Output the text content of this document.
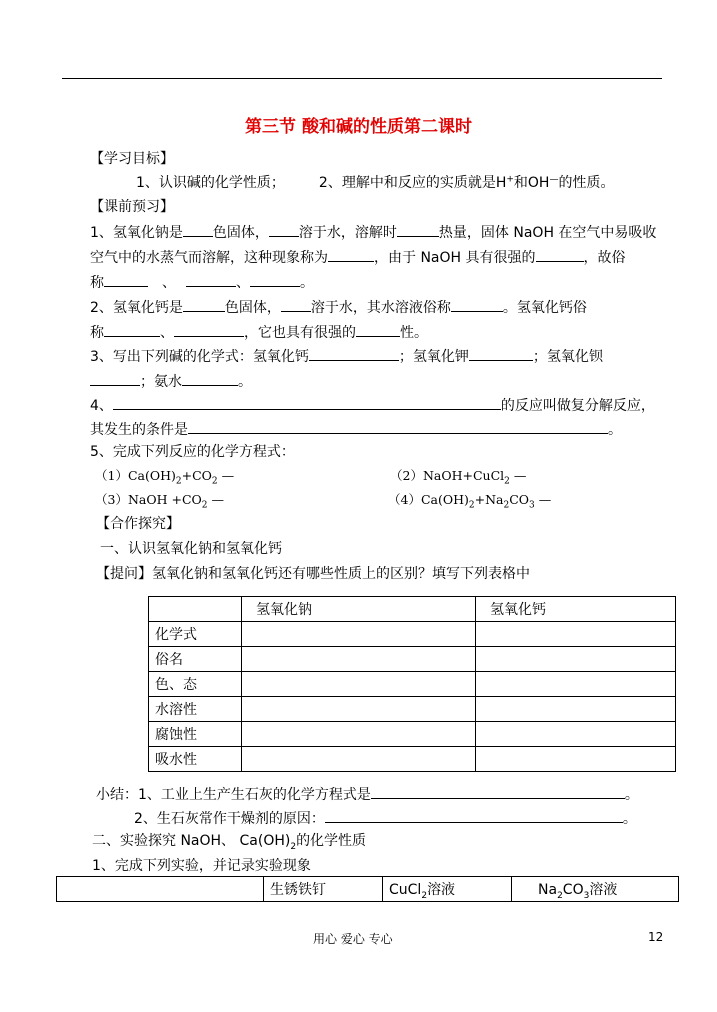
第三节 酸和碱的性质第二课时
【学习目标】
1、认识碱的化学性质； 2、理解中和反应的实质就是H+和OH—的性质。
【课前预习】
1、氢氧化钠是 色固体， 溶于水，溶解时	热量，固体 NaOH 在空气中易吸收
空气中的水蒸气而溶解，这种现象称为	，由于 NaOH 具有很强的	，故俗
称	、	、	。
2、氢氧化钙是	色固体， 溶于水，其水溶液俗称	。氢氧化钙俗
称	、	，它也具有很强的	性。
3、写出下列碱的化学式：氢氧化钙	；氢氧化钾	；氢氧化钡
；氨水	。
4、	的反应叫做复分解反应，
其发生的条件是	。
5、完成下列反应的化学方程式：
$(1)Ca(OH)_2+CO_2$ —	（2）NaOH+CuCl$_2$ —
（3）NaOH $+CO_2$ —	$(4)Ca(OH)_2+Na_2CO_3$ —
【合作探究】
一、认识氢氧化钠和氢氧化钙
【提问】氢氧化钠和氢氧化钙还有哪些性质上的区别？填写下列表格中
	氢氧化钠	氢氧化钙
化学式		
俗名		
色、态		
水溶性		
腐蚀性		
吸水性		
小结：1、工业上生产生石灰的化学方程式是	。
2、生石灰常作干燥剂的原因：	。
二、实验探究 NaOH、 $Ca(OH)_2$的化学性质
1、完成下列实验，并记录实验现象
	生锈铁钉	CuCl$_2$溶液	$Na_2CO_3$溶液
用心 爱心 专心	12
